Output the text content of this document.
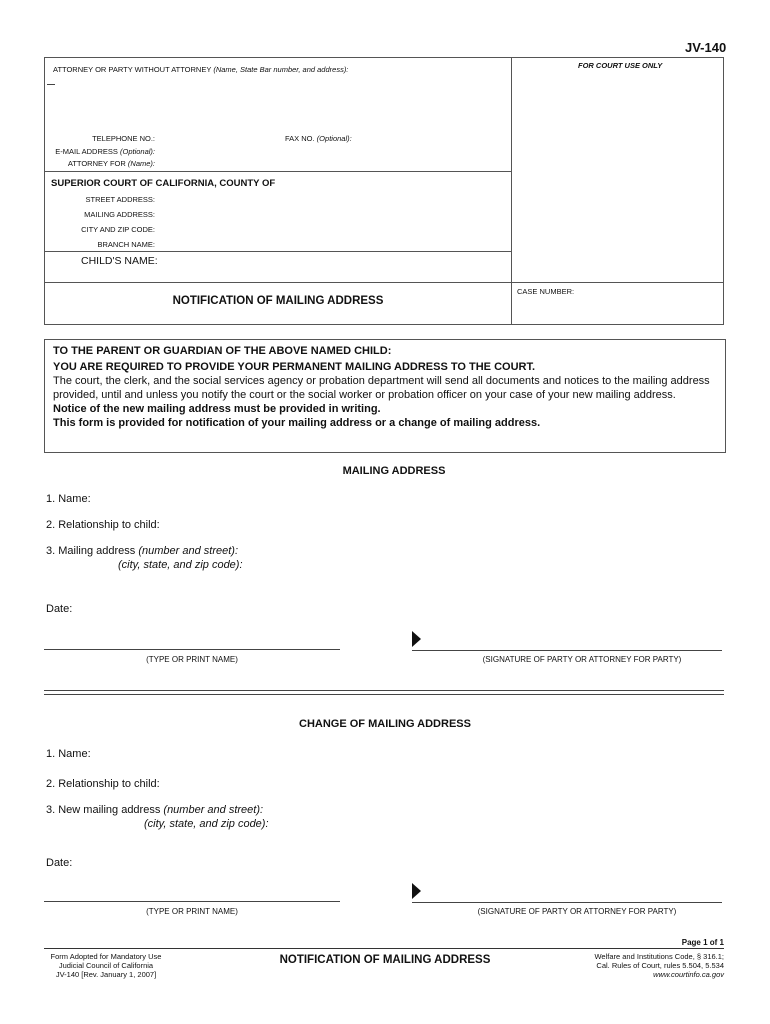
JV-140
ATTORNEY OR PARTY WITHOUT ATTORNEY (Name, State Bar number, and address):	FOR COURT USE ONLY
TELEPHONE NO.:	FAX NO. (Optional):
E-MAIL ADDRESS (Optional):
ATTORNEY FOR (Name):
SUPERIOR COURT OF CALIFORNIA, COUNTY OF
STREET ADDRESS:
MAILING ADDRESS:
CITY AND ZIP CODE:
BRANCH NAME:
CHILD'S NAME:
CASE NUMBER:
NOTIFICATION OF MAILING ADDRESS
TO THE PARENT OR GUARDIAN OF THE ABOVE NAMED CHILD:
YOU ARE REQUIRED TO PROVIDE YOUR PERMANENT MAILING ADDRESS TO THE COURT.
The court, the clerk, and the social services agency or probation department will send all documents and notices to the mailing address provided, until and unless you notify the court or the social worker or probation officer on your case of your new mailing address.
Notice of the new mailing address must be provided in writing.
This form is provided for notification of your mailing address or a change of mailing address.
MAILING ADDRESS
1. Name:
2. Relationship to child:
3. Mailing address (number and street):
(city, state, and zip code):
Date:
(TYPE OR PRINT NAME)	(SIGNATURE OF PARTY OR ATTORNEY FOR PARTY)
CHANGE OF MAILING ADDRESS
1. Name:
2. Relationship to child:
3. New mailing address (number and street):
(city, state, and zip code):
Date:
(TYPE OR PRINT NAME)	(SIGNATURE OF PARTY OR ATTORNEY FOR PARTY)
Page 1 of 1
Form Adopted for Mandatory Use
Judicial Council of California
JV-140 [Rev. January 1, 2007]
NOTIFICATION OF MAILING ADDRESS	Welfare and Institutions Code, § 316.1;
Cal. Rules of Court, rules 5.504, 5.534
www.courtinfo.ca.gov
